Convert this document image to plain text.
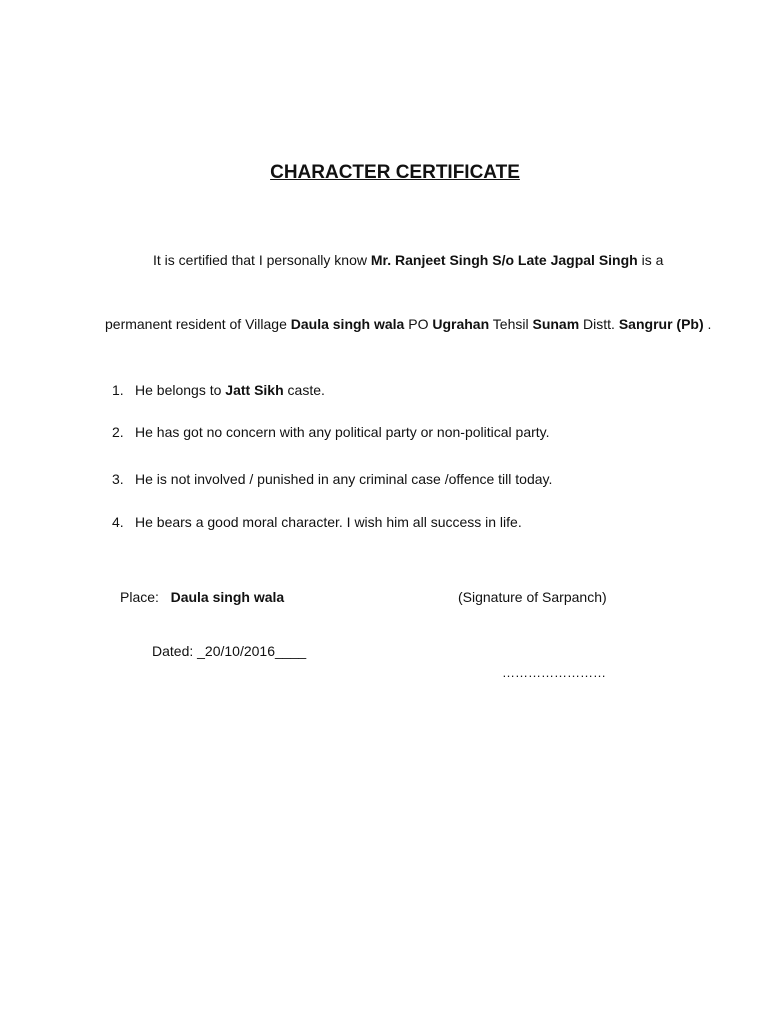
CHARACTER CERTIFICATE
It is certified that I personally know Mr. Ranjeet Singh S/o Late Jagpal Singh is a
permanent resident of Village Daula singh wala PO Ugrahan Tehsil Sunam Distt. Sangrur (Pb) .
1. He belongs to Jatt Sikh caste.
2. He has got no concern with any political party or non-political party.
3. He is not involved / punished in any criminal case /offence till today.
4. He bears a good moral character. I wish him all success in life.
Place: Daula singh wala	(Signature of Sarpanch)
Dated: _20/10/2016____
……………………
